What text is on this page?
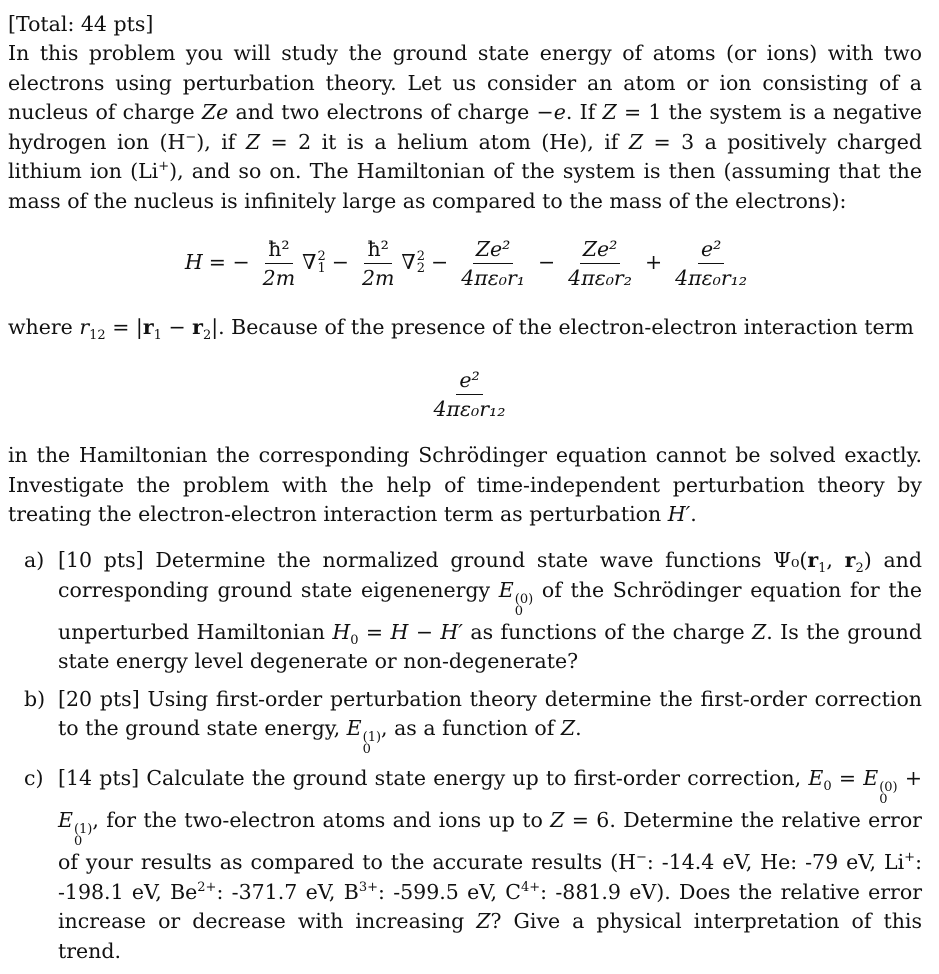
[Total: 44 pts]

In this problem you will study the ground state energy of atoms (or ions) with two electrons using perturbation theory. Let us consider an atom or ion consisting of a nucleus of charge Ze and two electrons of charge −e. If Z = 1 the system is a negative hydrogen ion (H−), if Z = 2 it is a helium atom (He), if Z = 3 a positively charged lithium ion (Li+), and so on. The Hamiltonian of the system is then (assuming that the mass of the nucleus is infinitely large as compared to the mass of the electrons):

H = − $\frac{\text{ħ²}}{2m}$ ∇ 2
$1 - \frac{\text{ħ²}}{2m}$ ∇ 2
$2 - \frac{\text{Ze²}}{\text{4πε₀r₁}} - \frac{\text{Ze²}}{\text{4πε₀r₂}} + \frac{\text{e²}}{\text{4πε₀r₁₂}}$

where $r_{12} = |r_1 - r_2|$. Because of the presence of the electron-electron interaction term

$\frac{\text{e²}}{\text{4πε₀r₁₂}}$

in the Hamiltonian the corresponding Schrödinger equation cannot be solved exactly. Investigate the problem with the help of time-independent perturbation theory by treating the electron-electron interaction term as perturbation H′.

a) [10 pts] Determine the normalized ground state wave functions $\Psi_0(r_1$, $r_2$) and corresponding ground state eigenenergy E (0)
0
of the Schrödinger equation for the unperturbed Hamiltonian $H_0 = H - H'$ as functions of the charge Z. Is the ground state energy level degenerate or non-degenerate?
b) [20 pts] Using first-order perturbation theory determine the first-order correction to the ground state energy, E (1)
0
, as a function of Z.
c) [14 pts] Calculate the ground state energy up to first-order correction, $E_0 = E$ (0)
0
+ E (1)
0
, for the two-electron atoms and ions up to Z = 6. Determine the relative error of your results as compared to the accurate results (H−: -14.4 eV, He: -79 eV, Li+: -198.1 eV, $Be^{2+}$: -371.7 eV, $B^{3+}$: -599.5 eV, $C^{4+}$: -881.9 eV). Does the relative error increase or decrease with increasing Z? Give a physical interpretation of this trend.
